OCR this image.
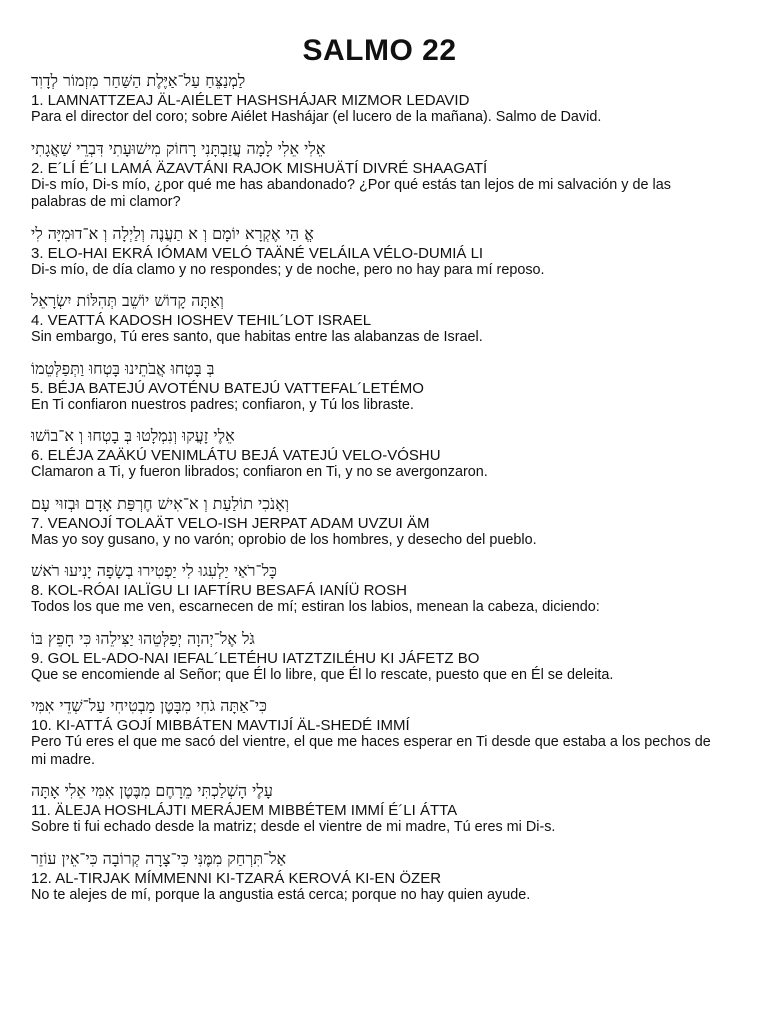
SALMO 22
לַמְנַצֵּחַ עַל־אַיֶּלֶת הַשַּׁחַר מִזְמוֹר לְדָוִד
1. LAMNATTZEAJ ÄL-AIÉLET HASHSHÁJAR MIZMOR LEDAVID
Para el director del coro; sobre Aiélet Hashájar (el lucero de la mañana). Salmo de David.
אֵלִי אֵלִי לָמָה עֲזַבְתָּנִי רָחוֹק מִישׁוּעָתִי דִּבְרֵי שַׁאֲגָתִי
2. E´LÍ É´LI LAMÁ ÄZAVTÁNI RAJOK MISHUÄTÍ DIVRÉ SHAAGATÍ
Di-s mío, Di-s mío, ¿por qué me has abandonado? ¿Por qué estás tan lejos de mi salvación y de las palabras de mi clamor?
אֱ הַי אֶקְרָא יוֹמָם וְ א תַעֲנֶה וְלַיְלָה וְ א־דוּמִיָּה לִי
3. ELO-HAI EKRÁ IÓMAM VELÓ TAÄNÉ VELÁILA VÉLO-DUMIÁ LI
Di-s mío, de día clamo y no respondes; y de noche, pero no hay para mí reposo.
וְאַתָּה קָדוֹשׁ יוֹשֵׁב תְּהִלּוֹת יִשְׂרָאֵל
4. VEATTÁ KADOSH IOSHEV TEHIL´LOT ISRAEL
Sin embargo, Tú eres santo, que habitas entre las alabanzas de Israel.
בְּ בָּטְחוּ אֲבֹתֵינוּ בָּטְחוּ וַתְּפַלְּטֵמוֹ
5. BÉJA BATEJÚ AVOTÉNU BATEJÚ VATTEFAL´LETÉMO
En Ti confiaron nuestros padres; confiaron, y Tú los libraste.
אֵלֶי זָעֲקוּ וְנִמְלָטוּ בְּ בָטְחוּ וְ א־בוֹשׁוּ
6. ELÉJA ZAÄKÚ VENIMLÁTU BEJÁ VATEJÚ VELO-VÓSHU
Clamaron a Ti, y fueron librados; confiaron en Ti, y no se avergonzaron.
וְאָנֹכִי תוֹלַעַת וְ א־אִישׁ חֶרְפַּת אָדָם וּבְזוּי עָם
7. VEANOJÍ TOLAÄT VELO-ISH JERPAT ADAM UVZUI ÄM
Mas yo soy gusano, y no varón; oprobio de los hombres, y desecho del pueblo.
כָּל־רֹאַי יַלְעִגוּ לִי יַפְטִירוּ בְשָׂפָה יָנִיעוּ רֹאשׁ
8. KOL-RÓAI IALÏGU LI IAFTÍRU BESAFÁ IANÍÜ ROSH
Todos los que me ven, escarnecen de mí; estiran los labios, menean la cabeza, diciendo:
גֹּל אֶל־יְהוָה יְפַלְּטֵהוּ יַצִּילֵהוּ כִּי חָפֵץ בּוֹ
9. GOL EL-ADO-NAI IEFAL´LETÉHU IATZTZILÉHU KI JÁFETZ BO
Que se encomiende al Señor; que Él lo libre, que Él lo rescate, puesto que en Él se deleita.
כִּי־אַתָּה גֹחִי מִבָּטֶן מַבְטִיחִי עַל־שְׁדֵי אִמִּי
10. KI-ATTÁ GOJÍ MIBBÁTEN MAVTIJÍ ÄL-SHEDÉ IMMÍ
Pero Tú eres el que me sacó del vientre, el que me haces esperar en Ti desde que estaba a los pechos de mi madre.
עָלֶי הָשְׁלַכְתִּי מֵרָחֶם מִבֶּטֶן אִמִּי אֵלִי אָתָּה
11. ÄLEJA HOSHLÁJTI MERÁJEM MIBBÉTEM IMMÍ É´LI ÁTTA
Sobre ti fui echado desde la matriz; desde el vientre de mi madre, Tú eres mi Di-s.
אַל־תִּרְחַק מִמֶּנִּי כִּי־צָרָה קְרוֹבָה כִּי־אֵין עוֹזֵר
12. AL-TIRJAK MÍMMENNI KI-TZARÁ KEROVÁ KI-EN ÖZER
No te alejes de mí, porque la angustia está cerca; porque no hay quien ayude.
